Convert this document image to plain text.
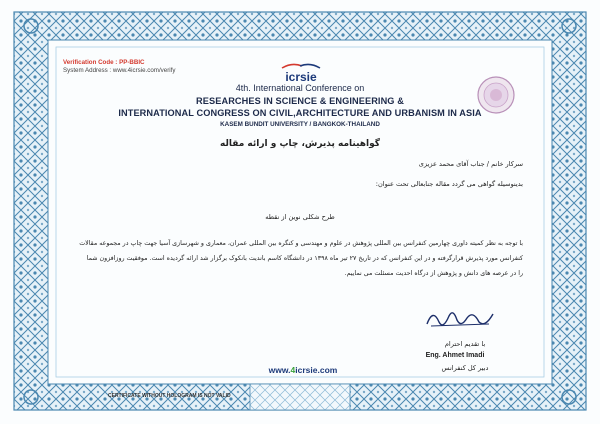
Verification Code : PP-BBIC
System Address : www.4icrsie.com/verify	icrsie
4th. International Conference on
RESEARCHES IN SCIENCE & ENGINEERING &
INTERNATIONAL CONGRESS ON CIVIL,ARCHITECTURE AND URBANISM IN ASIA
KASEM BUNDIT UNIVERSITY / BANGKOK-THAILAND
گواهینامه پذیرش، چاپ و ارائه مقاله
سرکار خانم / جناب آقای محمد عزیزی
بدینوسیله گواهی می گردد مقاله جنابعالی تحت عنوان:
طرح شکلی نوین از نقطه
با توجه به نظر کمیته داوری چهارمین کنفرانس بین المللی پژوهش در علوم و مهندسی و کنگره بین المللی عمران، معماری و شهرسازی آسیا جهت چاپ در مجموعه مقالات
کنفرانس مورد پذیرش قرارگرفته و در این کنفرانس که در تاریخ ۲۷ تیر ماه ۱۳۹۸ در دانشگاه کاسم باندیت بانکوک برگزار شد ارائه گردیده است. موفقیت روزافزون شما
را در عرصه های دانش و پژوهش از درگاه احدیت مسئلت می نماییم.
با تقدیم احترام
Eng. Ahmet Imadi
دبیر کل کنفرانس
www.4icrsie.com
CERTIFICATE WITHOUT HOLOGRAM IS NOT VALID
